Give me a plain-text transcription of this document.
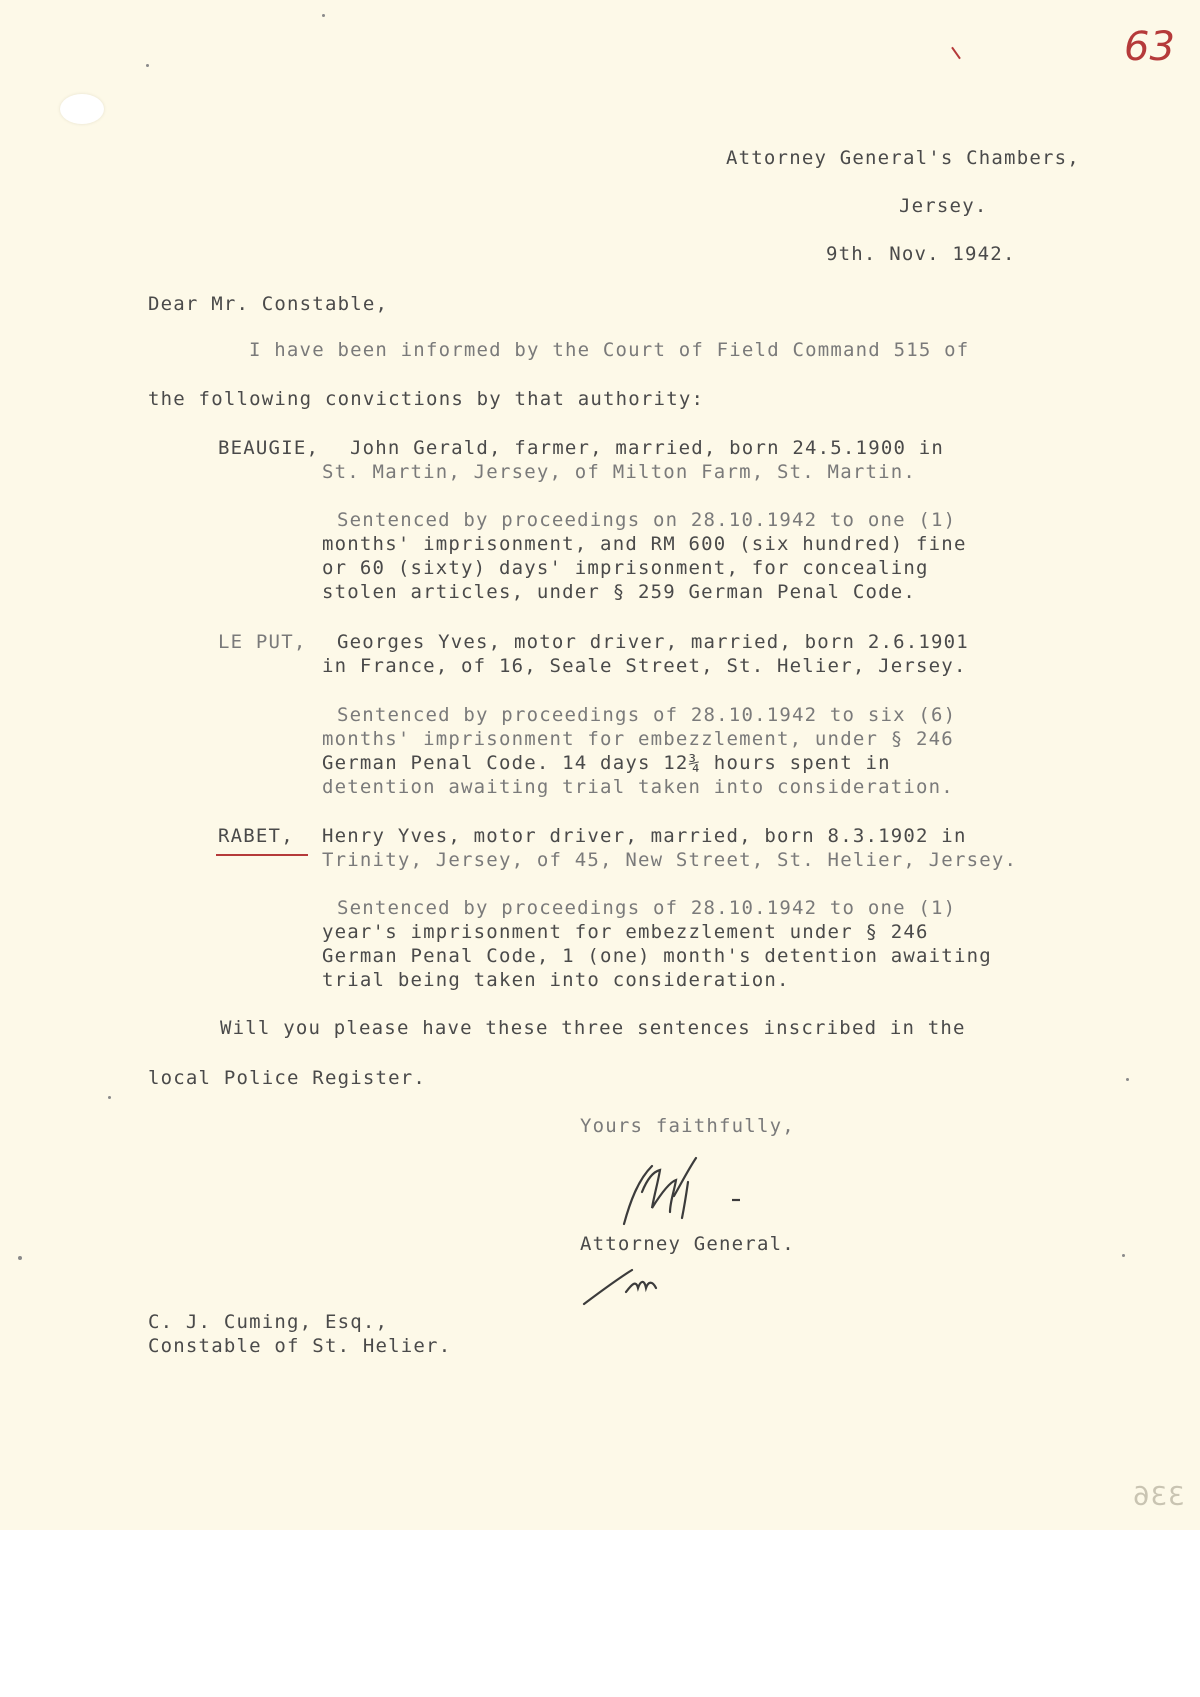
63
Attorney General's Chambers,
Jersey.
9th. Nov. 1942.
Dear Mr. Constable,
I have been informed by the Court of Field Command 515 of
the following convictions by that authority:
BEAUGIE, John Gerald, farmer, married, born 24.5.1900 in
St. Martin, Jersey, of Milton Farm, St. Martin.
Sentenced by proceedings on 28.10.1942 to one (1)
months' imprisonment, and RM 600 (six hundred) fine
or 60 (sixty) days' imprisonment, for concealing
stolen articles, under § 259 German Penal Code.
LE PUT, Georges Yves, motor driver, married, born 2.6.1901
in France, of 16, Seale Street, St. Helier, Jersey.
Sentenced by proceedings of 28.10.1942 to six (6)
months' imprisonment for embezzlement, under § 246
German Penal Code. 14 days 12¾ hours spent in
detention awaiting trial taken into consideration.
RABET, Henry Yves, motor driver, married, born 8.3.1902 in
Trinity, Jersey, of 45, New Street, St. Helier, Jersey.
Sentenced by proceedings of 28.10.1942 to one (1)
year's imprisonment for embezzlement under § 246
German Penal Code, 1 (one) month's detention awaiting
trial being taken into consideration.
Will you please have these three sentences inscribed in the
local Police Register.
Yours faithfully,
Attorney General.
C. J. Cuming, Esq.,
Constable of St. Helier.
336
